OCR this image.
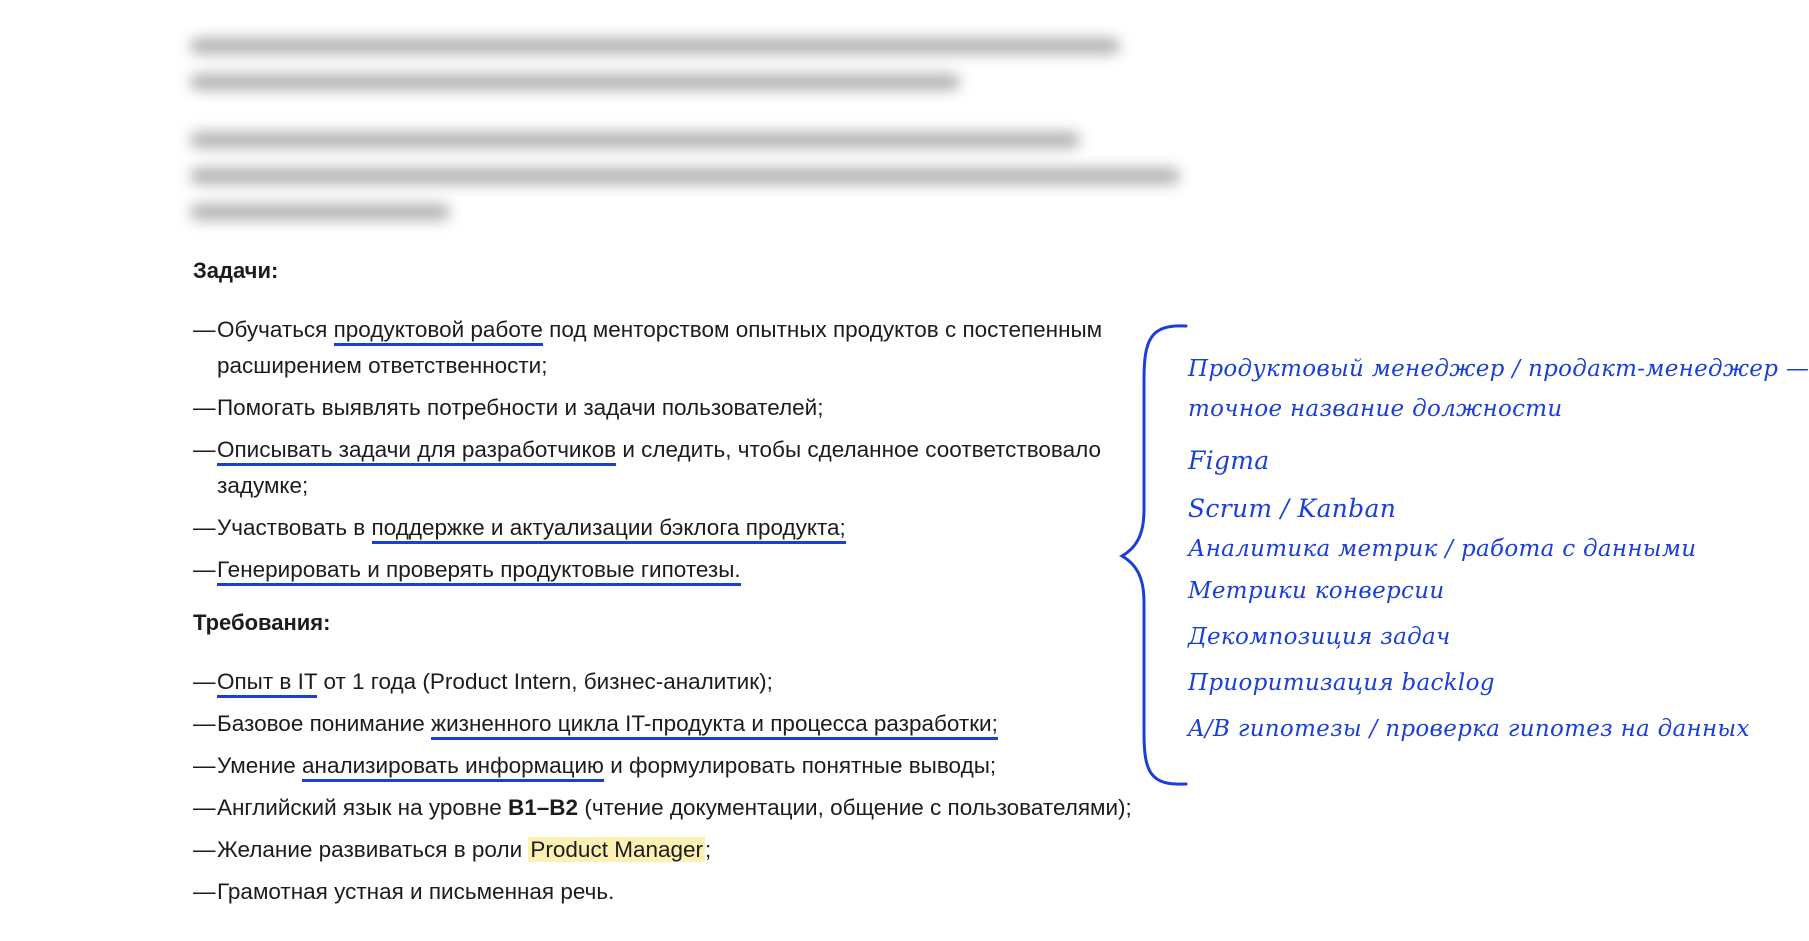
Задачи:
—Обучаться продуктовой работе под менторством опытных продуктов с постепенным
расширением ответственности;
—Помогать выявлять потребности и задачи пользователей;
—Описывать задачи для разработчиков и следить, чтобы сделанное соответствовало
задумке;
—Участвовать в поддержке и актуализации бэклога продукта;
—Генерировать и проверять продуктовые гипотезы.
Требования:
—Опыт в IT от 1 года (Product Intern, бизнес-аналитик);
—Базовое понимание жизненного цикла IT-продукта и процесса разработки;
—Умение анализировать информацию и формулировать понятные выводы;
—Английский язык на уровне B1–B2 (чтение документации, общение с пользователями);
—Желание развиваться в роли Product Manager;
—Грамотная устная и письменная речь.
Продуктовый менеджер / продакт-менеджер —
точное название должности
Figma
Scrum / Kanban
Аналитика метрик / работа с данными
Метрики конверсии
Декомпозиция задач
Приоритизация backlog
A/B гипотезы / проверка гипотез на данных
